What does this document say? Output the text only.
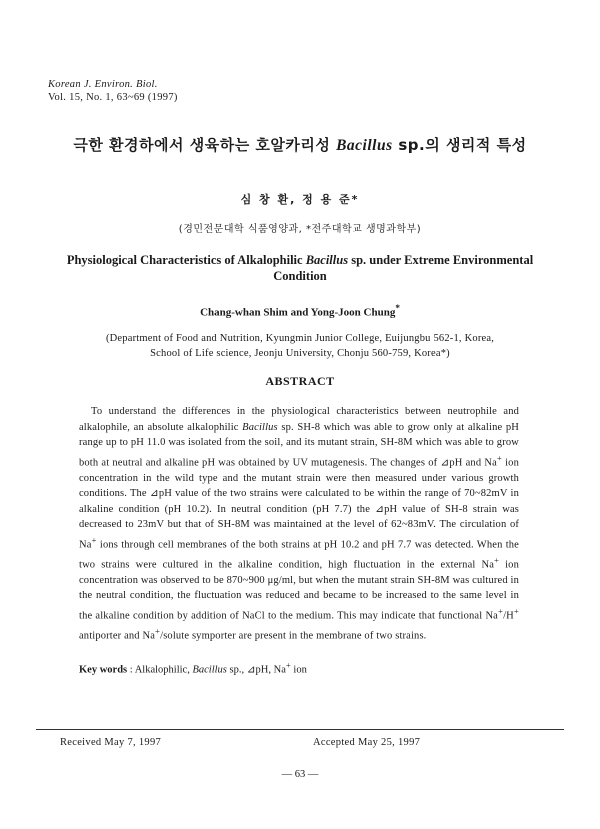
Korean J. Environ. Biol.
Vol. 15, No. 1, 63~69 (1997)
극한 환경하에서 생육하는 호알카리성 Bacillus sp.의 생리적 특성
심 창 환, 정 용 준*
(경민전문대학 식품영양과, *전주대학교 생명과학부)
Physiological Characteristics of Alkalophilic Bacillus sp. under Extreme Environmental Condition
Chang-whan Shim and Yong-Joon Chung*
(Department of Food and Nutrition, Kyungmin Junior College, Euijungbu 562-1, Korea,
School of Life science, Jeonju University, Chonju 560-759, Korea*)
ABSTRACT
To understand the differences in the physiological characteristics between neutrophile and alkalophile, an absolute alkalophilic Bacillus sp. SH-8 which was able to grow only at alkaline pH range up to pH 11.0 was isolated from the soil, and its mutant strain, SH-8M which was able to grow both at neutral and alkaline pH was obtained by UV mutagenesis. The changes of ⊿pH and Na+ ion concentration in the wild type and the mutant strain were then measured under various growth conditions. The ⊿pH value of the two strains were calculated to be within the range of 70~82mV in alkaline condition (pH 10.2). In neutral condition (pH 7.7) the ⊿pH value of SH-8 strain was decreased to 23mV but that of SH-8M was maintained at the level of 62~83mV. The circulation of Na+ ions through cell membranes of the both strains at pH 10.2 and pH 7.7 was detected. When the two strains were cultured in the alkaline condition, high fluctuation in the external Na+ ion concentration was observed to be 870~900 μg/ml, but when the mutant strain SH-8M was cultured in the neutral condition, the fluctuation was reduced and became to be increased to the same level in the alkaline condition by addition of NaCl to the medium. This may indicate that functional Na+/H+ antiporter and Na+/solute symporter are present in the membrane of two strains.
Key words : Alkalophilic, Bacillus sp., ⊿pH, Na+ ion
Received May 7, 1997	Accepted May 25, 1997
— 63 —
